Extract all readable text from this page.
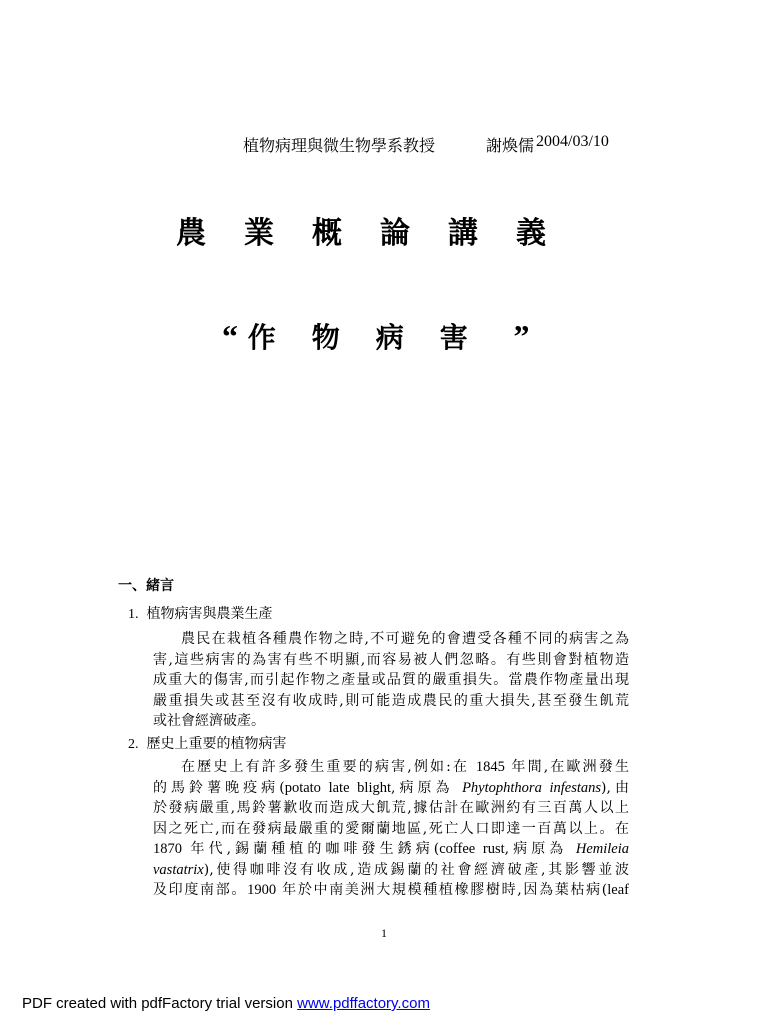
植物病理與微生物學系教授	謝煥儒 2004/03/10
農業概論講義
“ 作物病害 ”
一、緒言
1. 植物病害與農業生產
農民在栽植各種農作物之時,不可避免的會遭受各種不同的病害之為
害,這些病害的為害有些不明顯,而容易被人們忽略。有些則會對植物造
成重大的傷害,而引起作物之產量或品質的嚴重損失。當農作物產量出現
嚴重損失或甚至沒有收成時,則可能造成農民的重大損失,甚至發生飢荒
或社會經濟破產。
2. 歷史上重要的植物病害
在歷史上有許多發生重要的病害,例如:在 1845 年間,在歐洲發生
的馬鈴薯晚疫病(potato late blight,病原為 Phytophthora infestans),由
於發病嚴重,馬鈴薯歉收而造成大飢荒,據估計在歐洲約有三百萬人以上
因之死亡,而在發病最嚴重的愛爾蘭地區,死亡人口即達一百萬以上。在
1870 年代,錫蘭種植的咖啡發生銹病(coffee rust,病原為 Hemileia
vastatrix),使得咖啡沒有收成,造成錫蘭的社會經濟破產,其影響並波
及印度南部。1900 年於中南美洲大規模種植橡膠樹時,因為葉枯病(leaf
1
PDF created with pdfFactory trial version www.pdffactory.com
